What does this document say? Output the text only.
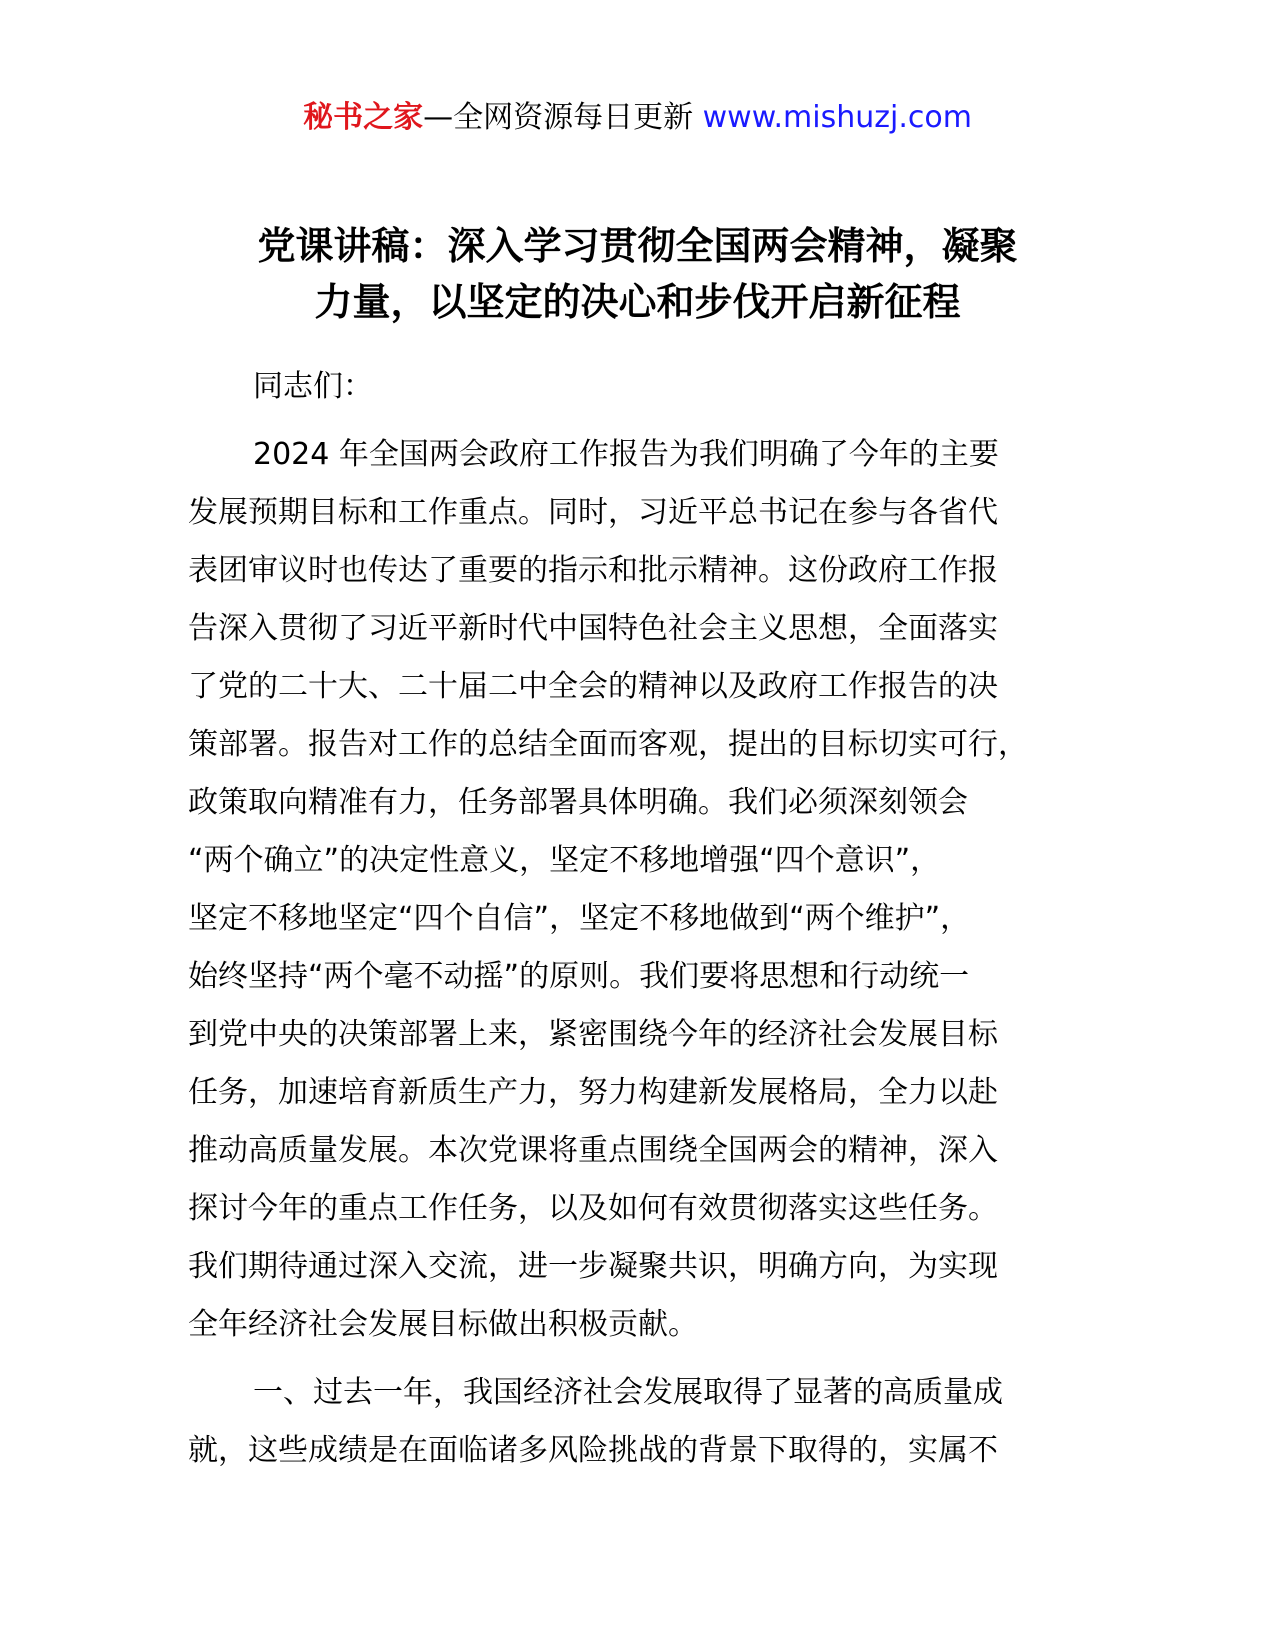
秘书之家—全网资源每日更新 www.mishuzj.com
党课讲稿：深入学习贯彻全国两会精神，凝聚
力量，以坚定的决心和步伐开启新征程
同志们：
2024 年全国两会政府工作报告为我们明确了今年的主要
发展预期目标和工作重点。同时，习近平总书记在参与各省代
表团审议时也传达了重要的指示和批示精神。这份政府工作报
告深入贯彻了习近平新时代中国特色社会主义思想，全面落实
了党的二十大、二十届二中全会的精神以及政府工作报告的决
策部署。报告对工作的总结全面而客观，提出的目标切实可行，
政策取向精准有力，任务部署具体明确。我们必须深刻领会
“两个确立”的决定性意义，坚定不移地增强“四个意识”，
坚定不移地坚定“四个自信”，坚定不移地做到“两个维护”，
始终坚持“两个毫不动摇”的原则。我们要将思想和行动统一
到党中央的决策部署上来，紧密围绕今年的经济社会发展目标
任务，加速培育新质生产力，努力构建新发展格局，全力以赴
推动高质量发展。本次党课将重点围绕全国两会的精神，深入
探讨今年的重点工作任务，以及如何有效贯彻落实这些任务。
我们期待通过深入交流，进一步凝聚共识，明确方向，为实现
全年经济社会发展目标做出积极贡献。
一、过去一年，我国经济社会发展取得了显著的高质量成
就，这些成绩是在面临诸多风险挑战的背景下取得的，实属不
